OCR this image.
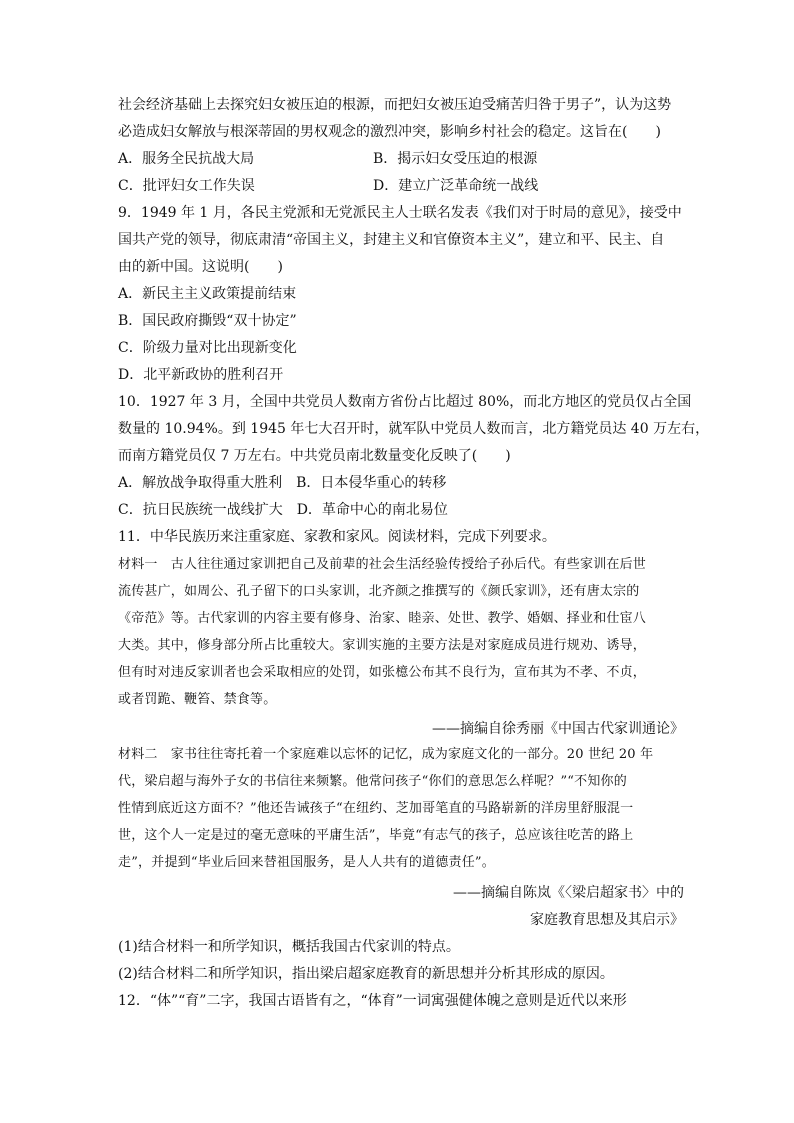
社会经济基础上去探究妇女被压迫的根源，而把妇女被压迫受痛苦归咎于男子”，认为这势
必造成妇女解放与根深蒂固的男权观念的激烈冲突，影响乡村社会的稳定。这旨在(　　)
A．服务全民抗战大局	B．揭示妇女受压迫的根源
C．批评妇女工作失误	D．建立广泛革命统一战线
9．1949 年 1 月，各民主党派和无党派民主人士联名发表《我们对于时局的意见》，接受中
国共产党的领导，彻底肃清“帝国主义，封建主义和官僚资本主义”，建立和平、民主、自
由的新中国。这说明(　　)
A．新民主主义政策提前结束
B．国民政府撕毁“双十协定”
C．阶级力量对比出现新变化
D．北平新政协的胜利召开
10．1927 年 3 月，全国中共党员人数南方省份占比超过 80%，而北方地区的党员仅占全国
数量的 10.94%。到 1945 年七大召开时，就军队中党员人数而言，北方籍党员达 40 万左右，
而南方籍党员仅 7 万左右。中共党员南北数量变化反映了(　　)
A．解放战争取得重大胜利　B．日本侵华重心的转移
C．抗日民族统一战线扩大　D．革命中心的南北易位
11．中华民族历来注重家庭、家教和家风。阅读材料，完成下列要求。
材料一　古人往往通过家训把自己及前辈的社会生活经验传授给子孙后代。有些家训在后世
流传甚广，如周公、孔子留下的口头家训，北齐颜之推撰写的《颜氏家训》，还有唐太宗的
《帝范》等。古代家训的内容主要有修身、治家、睦亲、处世、教学、婚姻、择业和仕宦八
大类。其中，修身部分所占比重较大。家训实施的主要方法是对家庭成员进行规劝、诱导，
但有时对违反家训者也会采取相应的处罚，如张檍公布其不良行为，宣布其为不孝、不贞，
或者罚跪、鞭笞、禁食等。
——摘编自徐秀丽《中国古代家训通论》
材料二　家书往往寄托着一个家庭难以忘怀的记忆，成为家庭文化的一部分。20 世纪 20 年
代，梁启超与海外子女的书信往来频繁。他常问孩子“你们的意思怎么样呢？”“不知你的
性情到底近这方面不？”他还告诫孩子“在纽约、芝加哥笔直的马路崭新的洋房里舒服混一
世，这个人一定是过的毫无意味的平庸生活”，毕竟“有志气的孩子，总应该往吃苦的路上
走”，并提到“毕业后回来替祖国服务，是人人共有的道德责任”。
——摘编自陈岚《〈梁启超家书〉中的
家庭教育思想及其启示》
(1)结合材料一和所学知识，概括我国古代家训的特点。
(2)结合材料二和所学知识，指出梁启超家庭教育的新思想并分析其形成的原因。
12．“体”“育”二字，我国古语皆有之，“体育”一词寓强健体魄之意则是近代以来形
